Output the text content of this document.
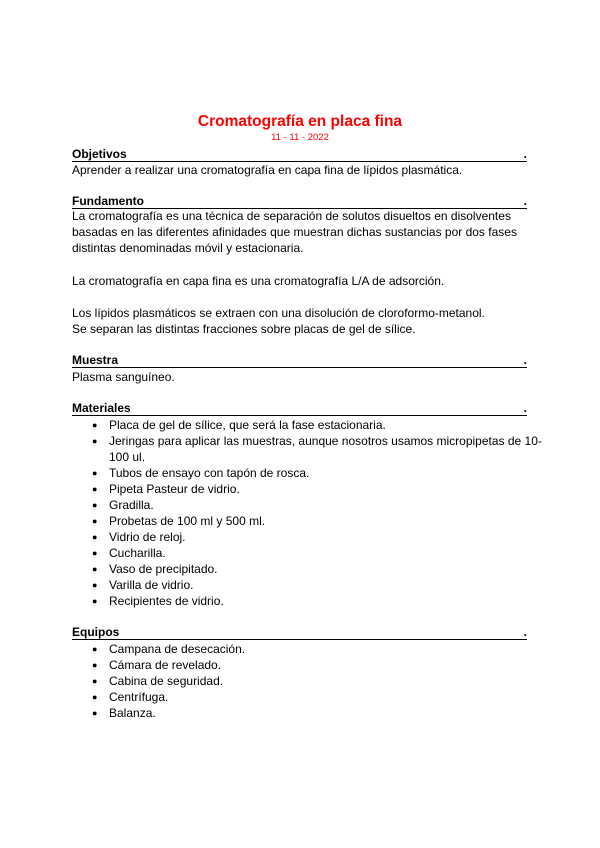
Cromatografía en placa fina
11 - 11 - 2022
Objetivos	.

Aprender a realizar una cromatografía en capa fina de lípidos plasmática.

Fundamento	.

La cromatografía es una técnica de separación de solutos disueltos en disolventes

basadas en las diferentes afinidades que muestran dichas sustancias por dos fases

distintas denominadas móvil y estacionaria.

La cromatografía en capa fina es una cromatografía L/A de adsorción.

Los lípidos plasmáticos se extraen con una disolución de cloroformo-metanol.

Se separan las distintas fracciones sobre placas de gel de sílice.

Muestra	.

Plasma sanguíneo.

Materiales	.
● Placa de gel de sílice, que será la fase estacionaria.
● Jeringas para aplicar las muestras, aunque nosotros usamos micropipetas de 10-100 ul.
● Tubos de ensayo con tapón de rosca.
● Pipeta Pasteur de vidrio.
● Gradilla.
● Probetas de 100 ml y 500 ml.
● Vidrio de reloj.
● Cucharilla.
● Vaso de precipitado.
● Varilla de vidrio.
● Recipientes de vidrio.
Equipos	.
● Campana de desecación.
● Cámara de revelado.
● Cabina de seguridad.
● Centrífuga.
● Balanza.
